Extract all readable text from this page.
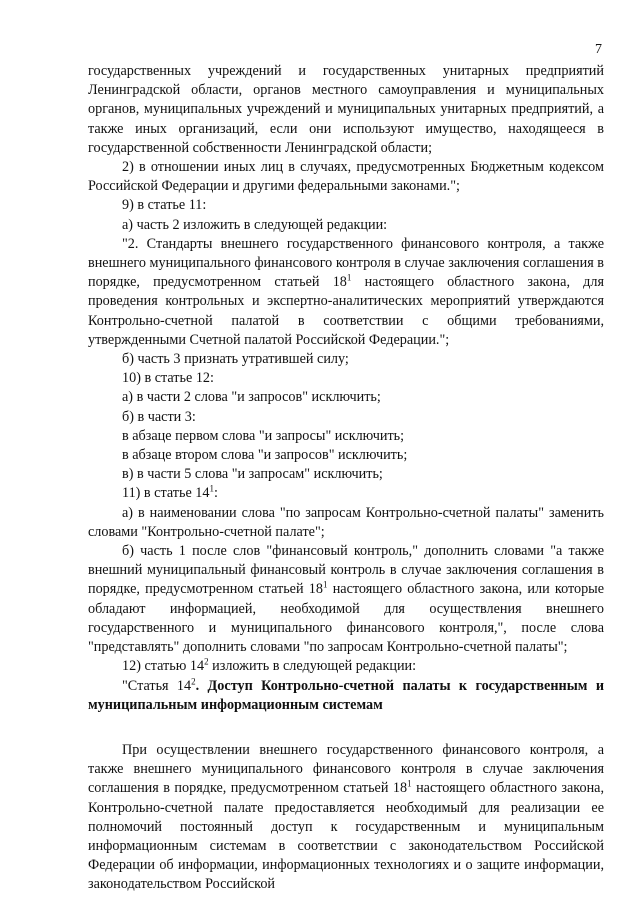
7

государственных учреждений и государственных унитарных предприятий Ленинградской области, органов местного самоуправления и муниципальных органов, муниципальных учреждений и муниципальных унитарных предприятий, а также иных организаций, если они используют имущество, находящееся в государственной собственности Ленинградской области;

2) в отношении иных лиц в случаях, предусмотренных Бюджетным кодексом Российской Федерации и другими федеральными законами.";

9) в статье 11:

а) часть 2 изложить в следующей редакции:

"2. Стандарты внешнего государственного финансового контроля, а также внешнего муниципального финансового контроля в случае заключения соглашения в порядке, предусмотренном статьей $18^1$ настоящего областного закона, для проведения контрольных и экспертно-аналитических мероприятий утверждаются Контрольно-счетной палатой в соответствии с общими требованиями, утвержденными Счетной палатой Российской Федерации.";

б) часть 3 признать утратившей силу;

10) в статье 12:

а) в части 2 слова "и запросов" исключить;

б) в части 3:

в абзаце первом слова "и запросы" исключить;

в абзаце втором слова "и запросов" исключить;

в) в части 5 слова "и запросам" исключить;

11) в статье $14^1$:

а) в наименовании слова "по запросам Контрольно-счетной палаты" заменить словами "Контрольно-счетной палате";

б) часть 1 после слов "финансовый контроль," дополнить словами "а также внешний муниципальный финансовый контроль в случае заключения соглашения в порядке, предусмотренном статьей $18^1$ настоящего областного закона, или которые обладают информацией, необходимой для осуществления внешнего государственного и муниципального финансового контроля,", после слова "представлять" дополнить словами "по запросам Контрольно-счетной палаты";

12) статью $14^2$ изложить в следующей редакции:

"Статья $14^2$. Доступ Контрольно-счетной палаты к государственным и муниципальным информационным системам

При осуществлении внешнего государственного финансового контроля, а также внешнего муниципального финансового контроля в случае заключения соглашения в порядке, предусмотренном статьей $18^1$ настоящего областного закона, Контрольно-счетной палате предоставляется необходимый для реализации ее полномочий постоянный доступ к государственным и муниципальным информационным системам в соответствии с законодательством Российской Федерации об информации, информационных технологиях и о защите информации, законодательством Российской
